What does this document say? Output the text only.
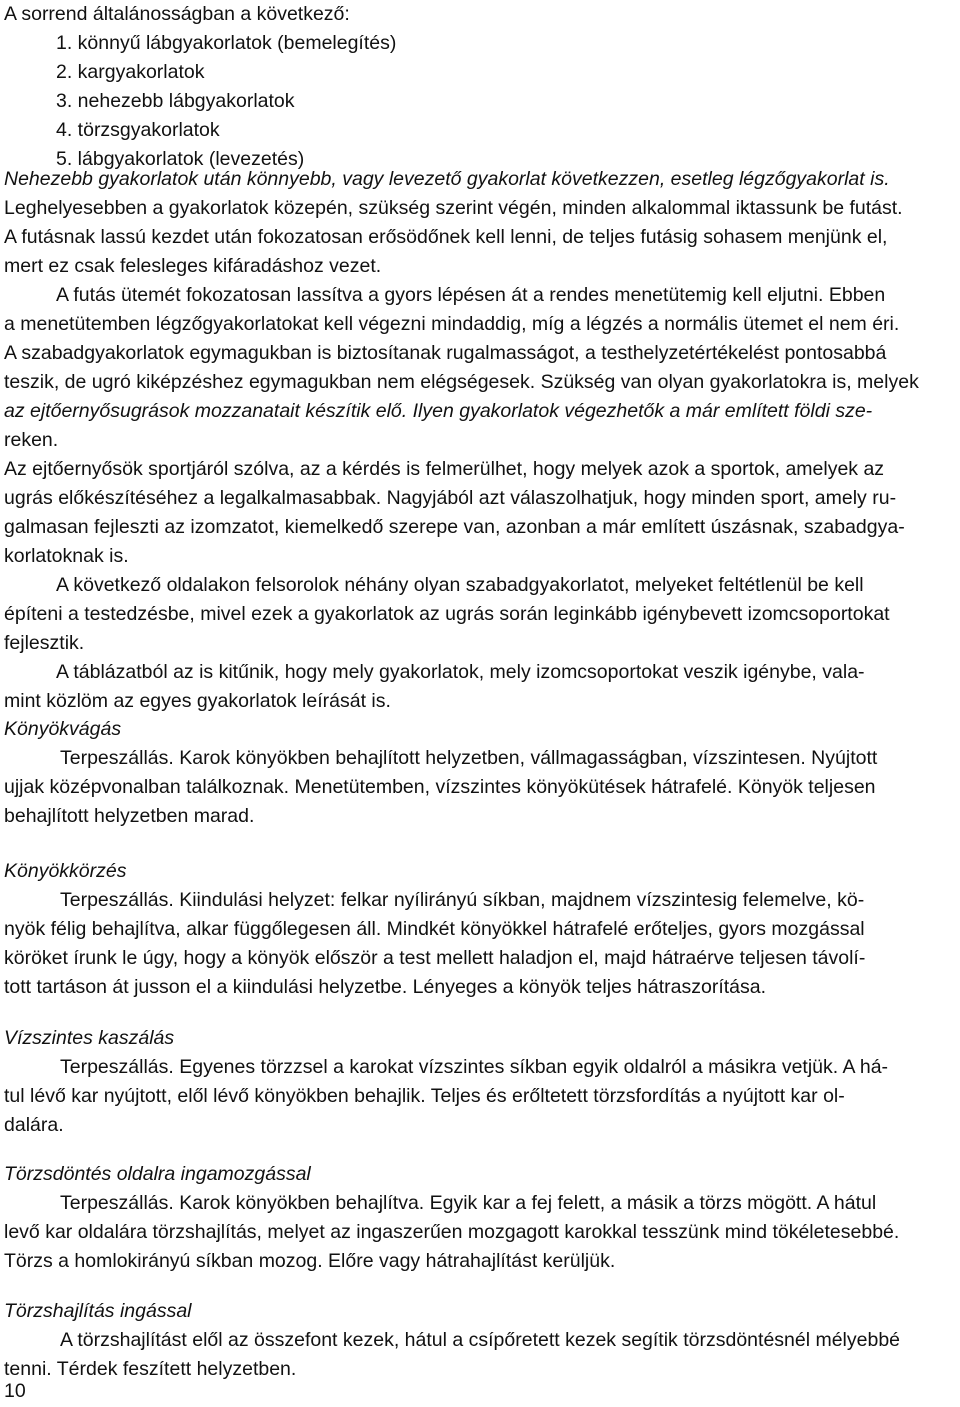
A sorrend általánosságban a következő:
1. könnyű lábgyakorlatok (bemelegítés)
2. kargyakorlatok
3. nehezebb lábgyakorlatok
4. törzsgyakorlatok
5. lábgyakorlatok (levezetés)
Nehezebb gyakorlatok után könnyebb, vagy levezető gyakorlat következzen, esetleg légzőgyakorlat is.
Leghelyesebben a gyakorlatok közepén, szükség szerint végén, minden alkalommal iktassunk be futást.
A futásnak lassú kezdet után fokozatosan erősödőnek kell lenni, de teljes futásig sohasem menjünk el,
mert ez csak felesleges kifáradáshoz vezet.
A futás ütemét fokozatosan lassítva a gyors lépésen át a rendes menetütemig kell eljutni. Ebben
a menetütemben légzőgyakorlatokat kell végezni mindaddig, míg a légzés a normális ütemet el nem éri.
A szabadgyakorlatok egymagukban is biztosítanak rugalmasságot, a testhelyzetértékelést pontosabbá
teszik, de ugró kiképzéshez egymagukban nem elégségesek. Szükség van olyan gyakorlatokra is, melyek
az ejtőernyősugrások mozzanatait készítik elő. Ilyen gyakorlatok végezhetők a már említett földi sze-
reken.
Az ejtőernyősök sportjáról szólva, az a kérdés is felmerülhet, hogy melyek azok a sportok, amelyek az
ugrás előkészítéséhez a legalkalmasabbak. Nagyjából azt válaszolhatjuk, hogy minden sport, amely ru-
galmasan fejleszti az izomzatot, kiemelkedő szerepe van, azonban a már említett úszásnak, szabadgya-
korlatoknak is.
A következő oldalakon felsorolok néhány olyan szabadgyakorlatot, melyeket feltétlenül be kell
építeni a testedzésbe, mivel ezek a gyakorlatok az ugrás során leginkább igénybevett izomcsoportokat
fejlesztik.
A táblázatból az is kitűnik, hogy mely gyakorlatok, mely izomcsoportokat veszik igénybe, vala-
mint közlöm az egyes gyakorlatok leírását is.
Könyökvágás
Terpeszállás. Karok könyökben behajlított helyzetben, vállmagasságban, vízszintesen. Nyújtott
ujjak középvonalban találkoznak. Menetütemben, vízszintes könyökütések hátrafelé. Könyök teljesen
behajlított helyzetben marad.
Könyökkörzés
Terpeszállás. Kiindulási helyzet: felkar nyílirányú síkban, majdnem vízszintesig felemelve, kö-
nyök félig behajlítva, alkar függőlegesen áll. Mindkét könyökkel hátrafelé erőteljes, gyors mozgással
köröket írunk le úgy, hogy a könyök először a test mellett haladjon el, majd hátraérve teljesen távolí-
tott tartáson át jusson el a kiindulási helyzetbe. Lényeges a könyök teljes hátraszorítása.
Vízszintes kaszálás
Terpeszállás. Egyenes törzzsel a karokat vízszintes síkban egyik oldalról a másikra vetjük. A há-
tul lévő kar nyújtott, elől lévő könyökben behajlik. Teljes és erőltetett törzsfordítás a nyújtott kar ol-
dalára.
Törzsdöntés oldalra ingamozgással
Terpeszállás. Karok könyökben behajlítva. Egyik kar a fej felett, a másik a törzs mögött. A hátul
levő kar oldalára törzshajlítás, melyet az ingaszerűen mozgagott karokkal tesszünk mind tökéletesebbé.
Törzs a homlokirányú síkban mozog. Előre vagy hátrahajlítást kerüljük.
Törzshajlítás ingással
A törzshajlítást elől az összefont kezek, hátul a csípőretett kezek segítik törzsdöntésnél mélyebbé
tenni. Térdek feszített helyzetben.
10
